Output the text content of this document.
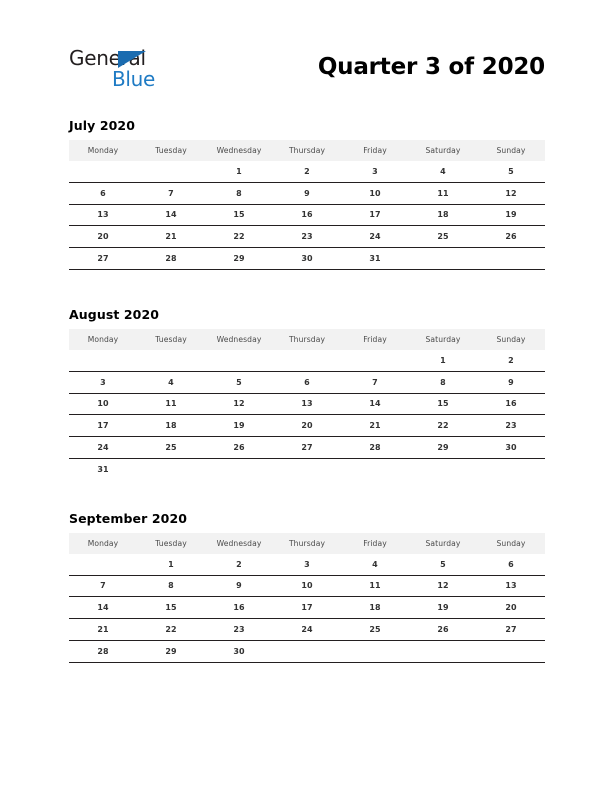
General
Blue	Quarter 3 of 2020
July 2020
Monday	Tuesday	Wednesday	Thursday	Friday	Saturday	Sunday
		1	2	3	4	5
6	7	8	9	10	11	12
13	14	15	16	17	18	19
20	21	22	23	24	25	26
27	28	29	30	31		
August 2020
Monday	Tuesday	Wednesday	Thursday	Friday	Saturday	Sunday
					1	2
3	4	5	6	7	8	9
10	11	12	13	14	15	16
17	18	19	20	21	22	23
24	25	26	27	28	29	30
31						
September 2020
Monday	Tuesday	Wednesday	Thursday	Friday	Saturday	Sunday
	1	2	3	4	5	6
7	8	9	10	11	12	13
14	15	16	17	18	19	20
21	22	23	24	25	26	27
28	29	30				
